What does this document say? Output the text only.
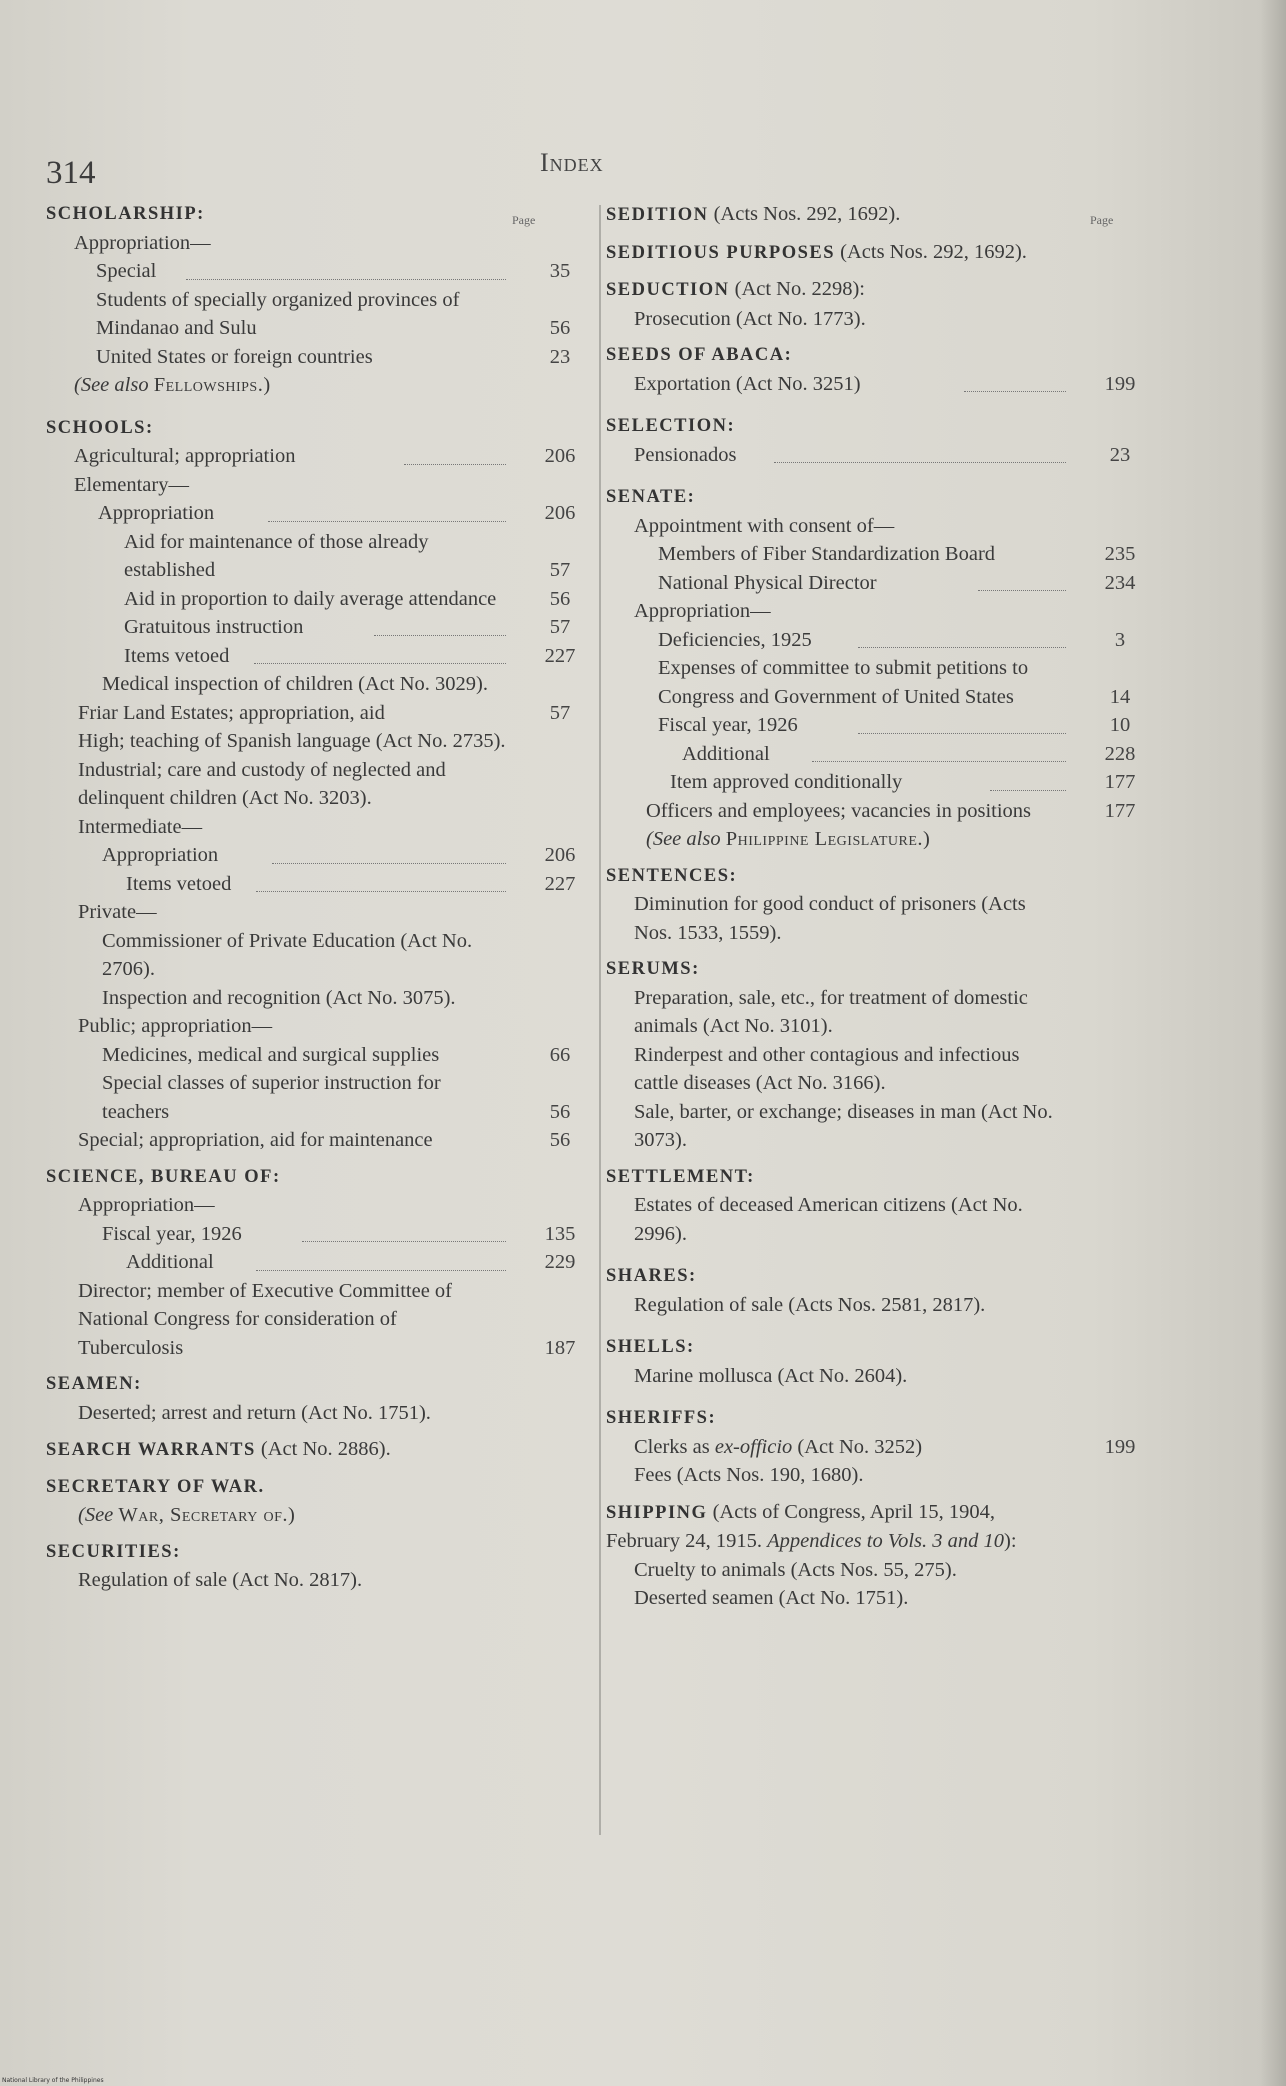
314	Index
Page	Page
SCHOLARSHIP:
Appropriation—
Special	35
Students of specially organized provinces of Mindanao and Sulu	56
United States or foreign countries	23
(See also Fellowships.)
SCHOOLS:
Agricultural; appropriation	206
Elementary—
Appropriation	206
Aid for maintenance of those already established	57
Aid in proportion to daily average attendance	56
Gratuitous instruction	57
Items vetoed	227
Medical inspection of children (Act No. 3029).
Friar Land Estates; appropriation, aid	57
High; teaching of Spanish language (Act No. 2735).
Industrial; care and custody of neglected and delinquent children (Act No. 3203).
Intermediate—
Appropriation	206
Items vetoed	227
Private—
Commissioner of Private Education (Act No. 2706).
Inspection and recognition (Act No. 3075).
Public; appropriation—
Medicines, medical and surgical supplies	66
Special classes of superior instruction for teachers	56
Special; appropriation, aid for maintenance	56
SCIENCE, BUREAU OF:
Appropriation—
Fiscal year, 1926	135
Additional	229
Director; member of Executive Committee of National Congress for consideration of Tuberculosis	187
SEAMEN:
Deserted; arrest and return (Act No. 1751).
SEARCH WARRANTS (Act No. 2886).
SECRETARY OF WAR.
(See War, Secretary of.)
SECURITIES:
Regulation of sale (Act No. 2817).
SEDITION (Acts Nos. 292, 1692).
SEDITIOUS PURPOSES (Acts Nos. 292, 1692).
SEDUCTION (Act No. 2298):
Prosecution (Act No. 1773).
SEEDS OF ABACA:
Exportation (Act No. 3251)	199
SELECTION:
Pensionados	23
SENATE:
Appointment with consent of—
Members of Fiber Standardization Board	235
National Physical Director	234
Appropriation—
Deficiencies, 1925	3
Expenses of committee to submit petitions to Congress and Government of United States	14
Fiscal year, 1926	10
Additional	228
Item approved conditionally	177
Officers and employees; vacancies in positions	177
(See also Philippine Legislature.)
SENTENCES:
Diminution for good conduct of prisoners (Acts Nos. 1533, 1559).
SERUMS:
Preparation, sale, etc., for treatment of domestic animals (Act No. 3101).
Rinderpest and other contagious and infectious cattle diseases (Act No. 3166).
Sale, barter, or exchange; diseases in man (Act No. 3073).
SETTLEMENT:
Estates of deceased American citizens (Act No. 2996).
SHARES:
Regulation of sale (Acts Nos. 2581, 2817).
SHELLS:
Marine mollusca (Act No. 2604).
SHERIFFS:
Clerks as ex-officio (Act No. 3252)	199
Fees (Acts Nos. 190, 1680).
SHIPPING (Acts of Congress, April 15, 1904, February 24, 1915. Appendices to Vols. 3 and 10):
Cruelty to animals (Acts Nos. 55, 275).
Deserted seamen (Act No. 1751).
National Library of the Philippines
